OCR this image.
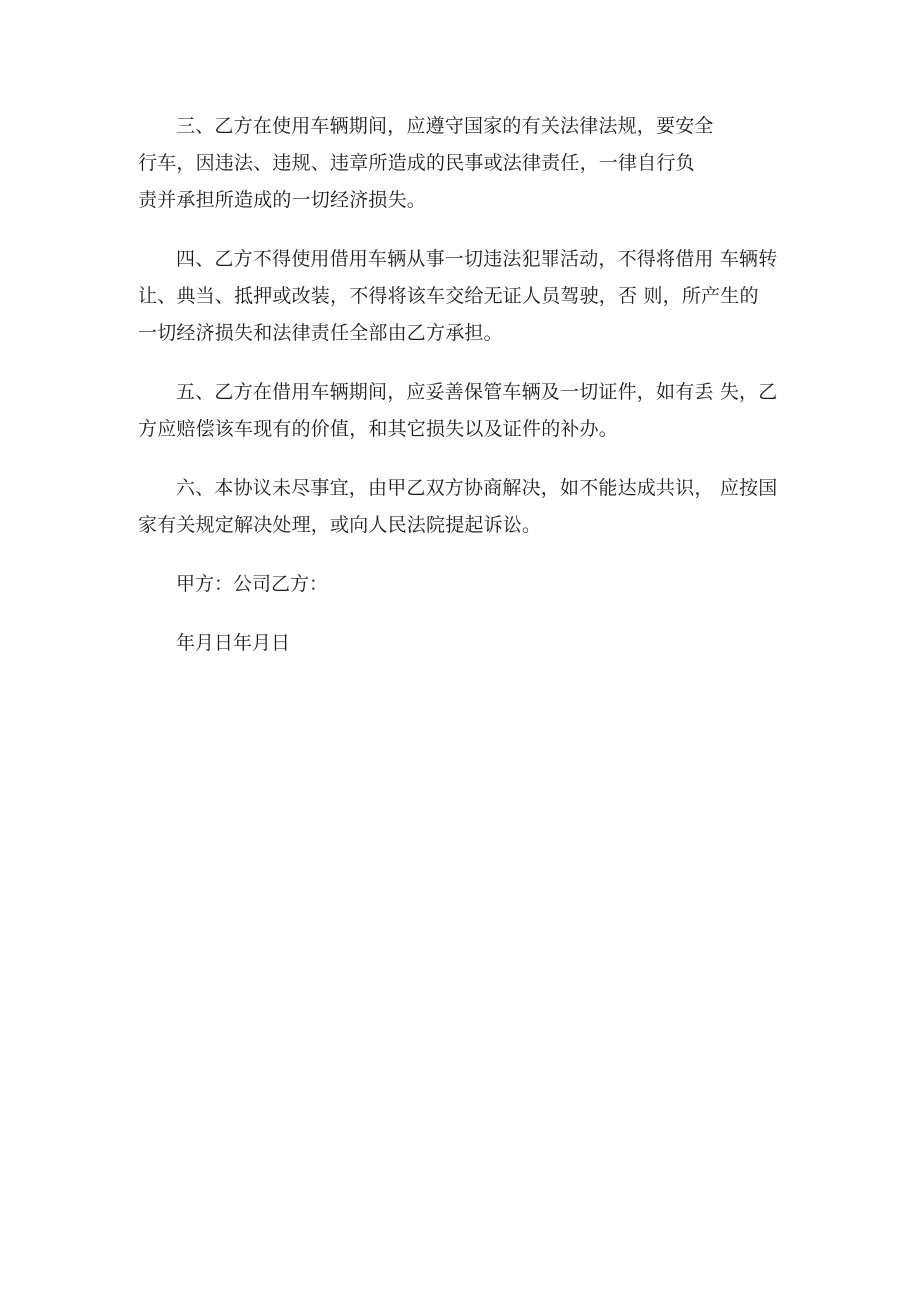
三、乙方在使用车辆期间，应遵守国家的有关法律法规，要安全
行车，因违法、违规、违章所造成的民事或法律责任，一律自行负
责并承担所造成的一切经济损失。

四、乙方不得使用借用车辆从事一切违法犯罪活动，不得将借用 车辆转
让、典当、抵押或改装，不得将该车交给无证人员驾驶，否 则，所产生的
一切经济损失和法律责任全部由乙方承担。

五、乙方在借用车辆期间，应妥善保管车辆及一切证件，如有丢 失，乙
方应赔偿该车现有的价值，和其它损失以及证件的补办。

六、本协议未尽事宜，由甲乙双方协商解决，如不能达成共识， 应按国
家有关规定解决处理，或向人民法院提起诉讼。

甲方：公司乙方：

年月日年月日
